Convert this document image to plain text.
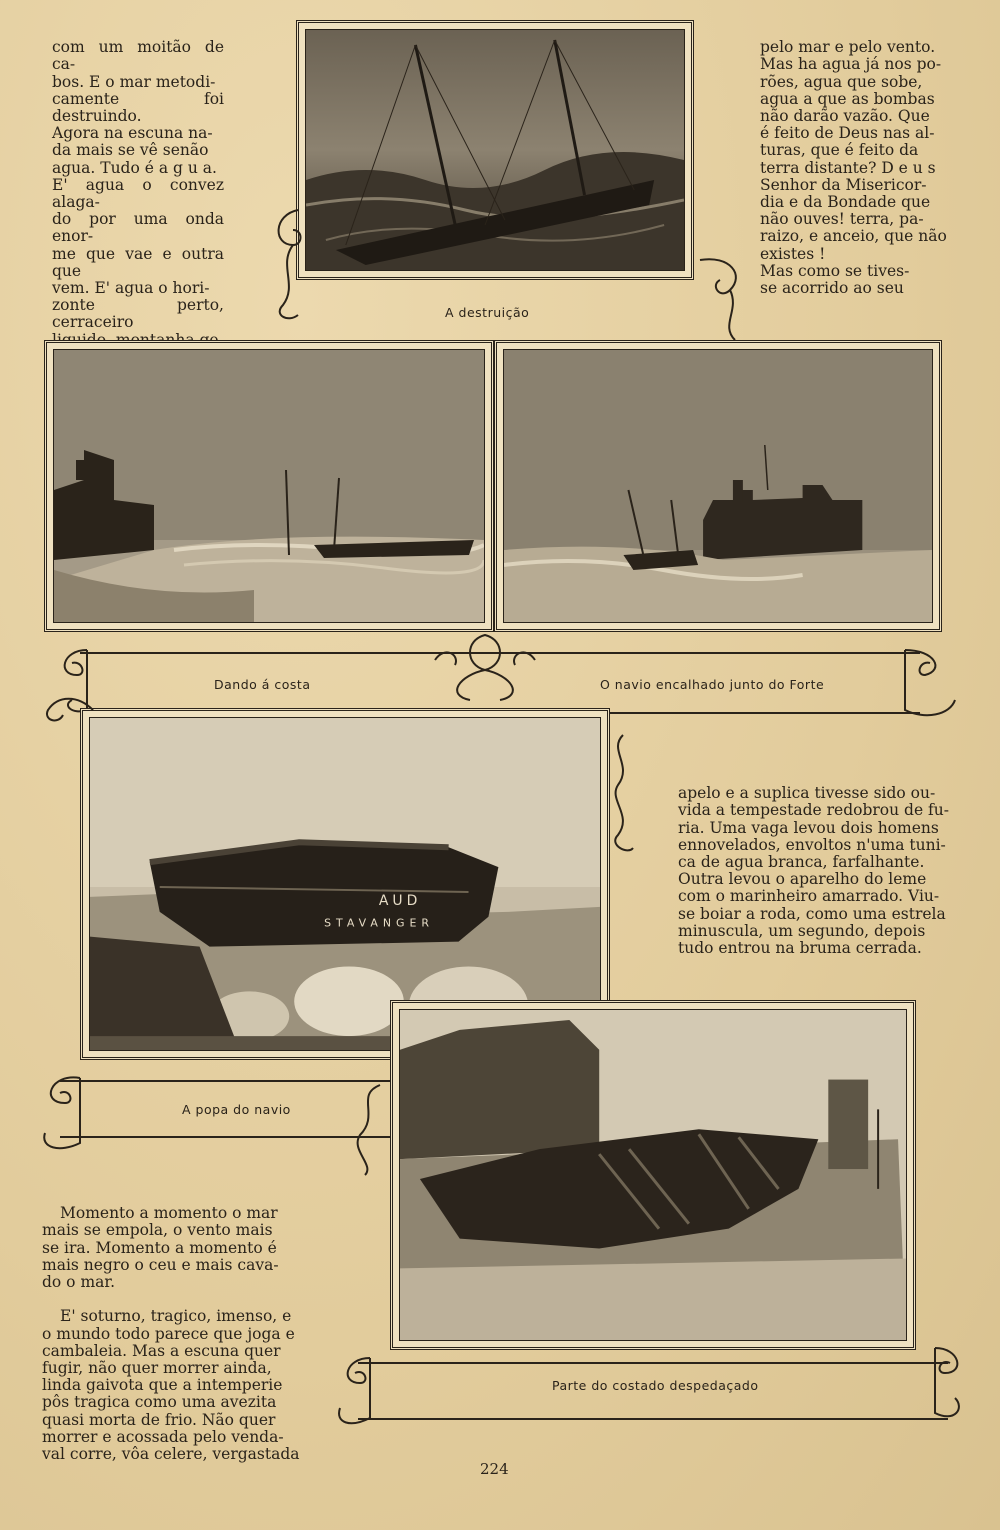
com um moitão de ca-
bos. E o mar metodi-
camente foi destruindo.
Agora na escuna na-
da mais se vê senão
agua. Tudo é a g u a.
E' agua o convez alaga-
do por uma onda enor-
me que vae e outra que
vem. E' agua o hori-
zonte perto, cerraceiro

A destruição

pelo mar e pelo vento.
Mas ha agua já nos po-
rões, agua que sobe,
agua a que as bombas
não darão vazão. Que
é feito de Deus nas al-
turas, que é feito da
terra distante? D e u s
Senhor da Misericor-
dia e da Bondade que
não ouves! terra, pa-
raizo, e anceio, que não
existes !
Mas como se tives-
se acorrido ao seu

Dando á costa	O navio encalhado junto do Forte
AUD
STAVANGER

apelo e a suplica tivesse sido ou-
vida a tempestade redobrou de fu-
ria. Uma vaga levou dois homens
ennovelados, envoltos n'uma tuni-
ca de agua branca, farfalhante.
Outra levou o aparelho do leme
com o marinheiro amarrado. Viu-
se boiar a roda, como uma estrela
minuscula, um segundo, depois
tudo entrou na bruma cerrada.

A popa do navio

Momento a momento o mar
mais se empola, o vento mais
se ira. Momento a momento é
mais negro o ceu e mais cava-
do o mar.

E' soturno, tragico, imenso, e
o mundo todo parece que joga e
cambaleia. Mas a escuna quer
fugir, não quer morrer ainda,
linda gaivota que a intemperie
pôs tragica como uma avezita
quasi morta de frio. Não quer
morrer e acossada pelo venda-
val corre, vôa celere, vergastada

Parte do costado despedaçado
224
